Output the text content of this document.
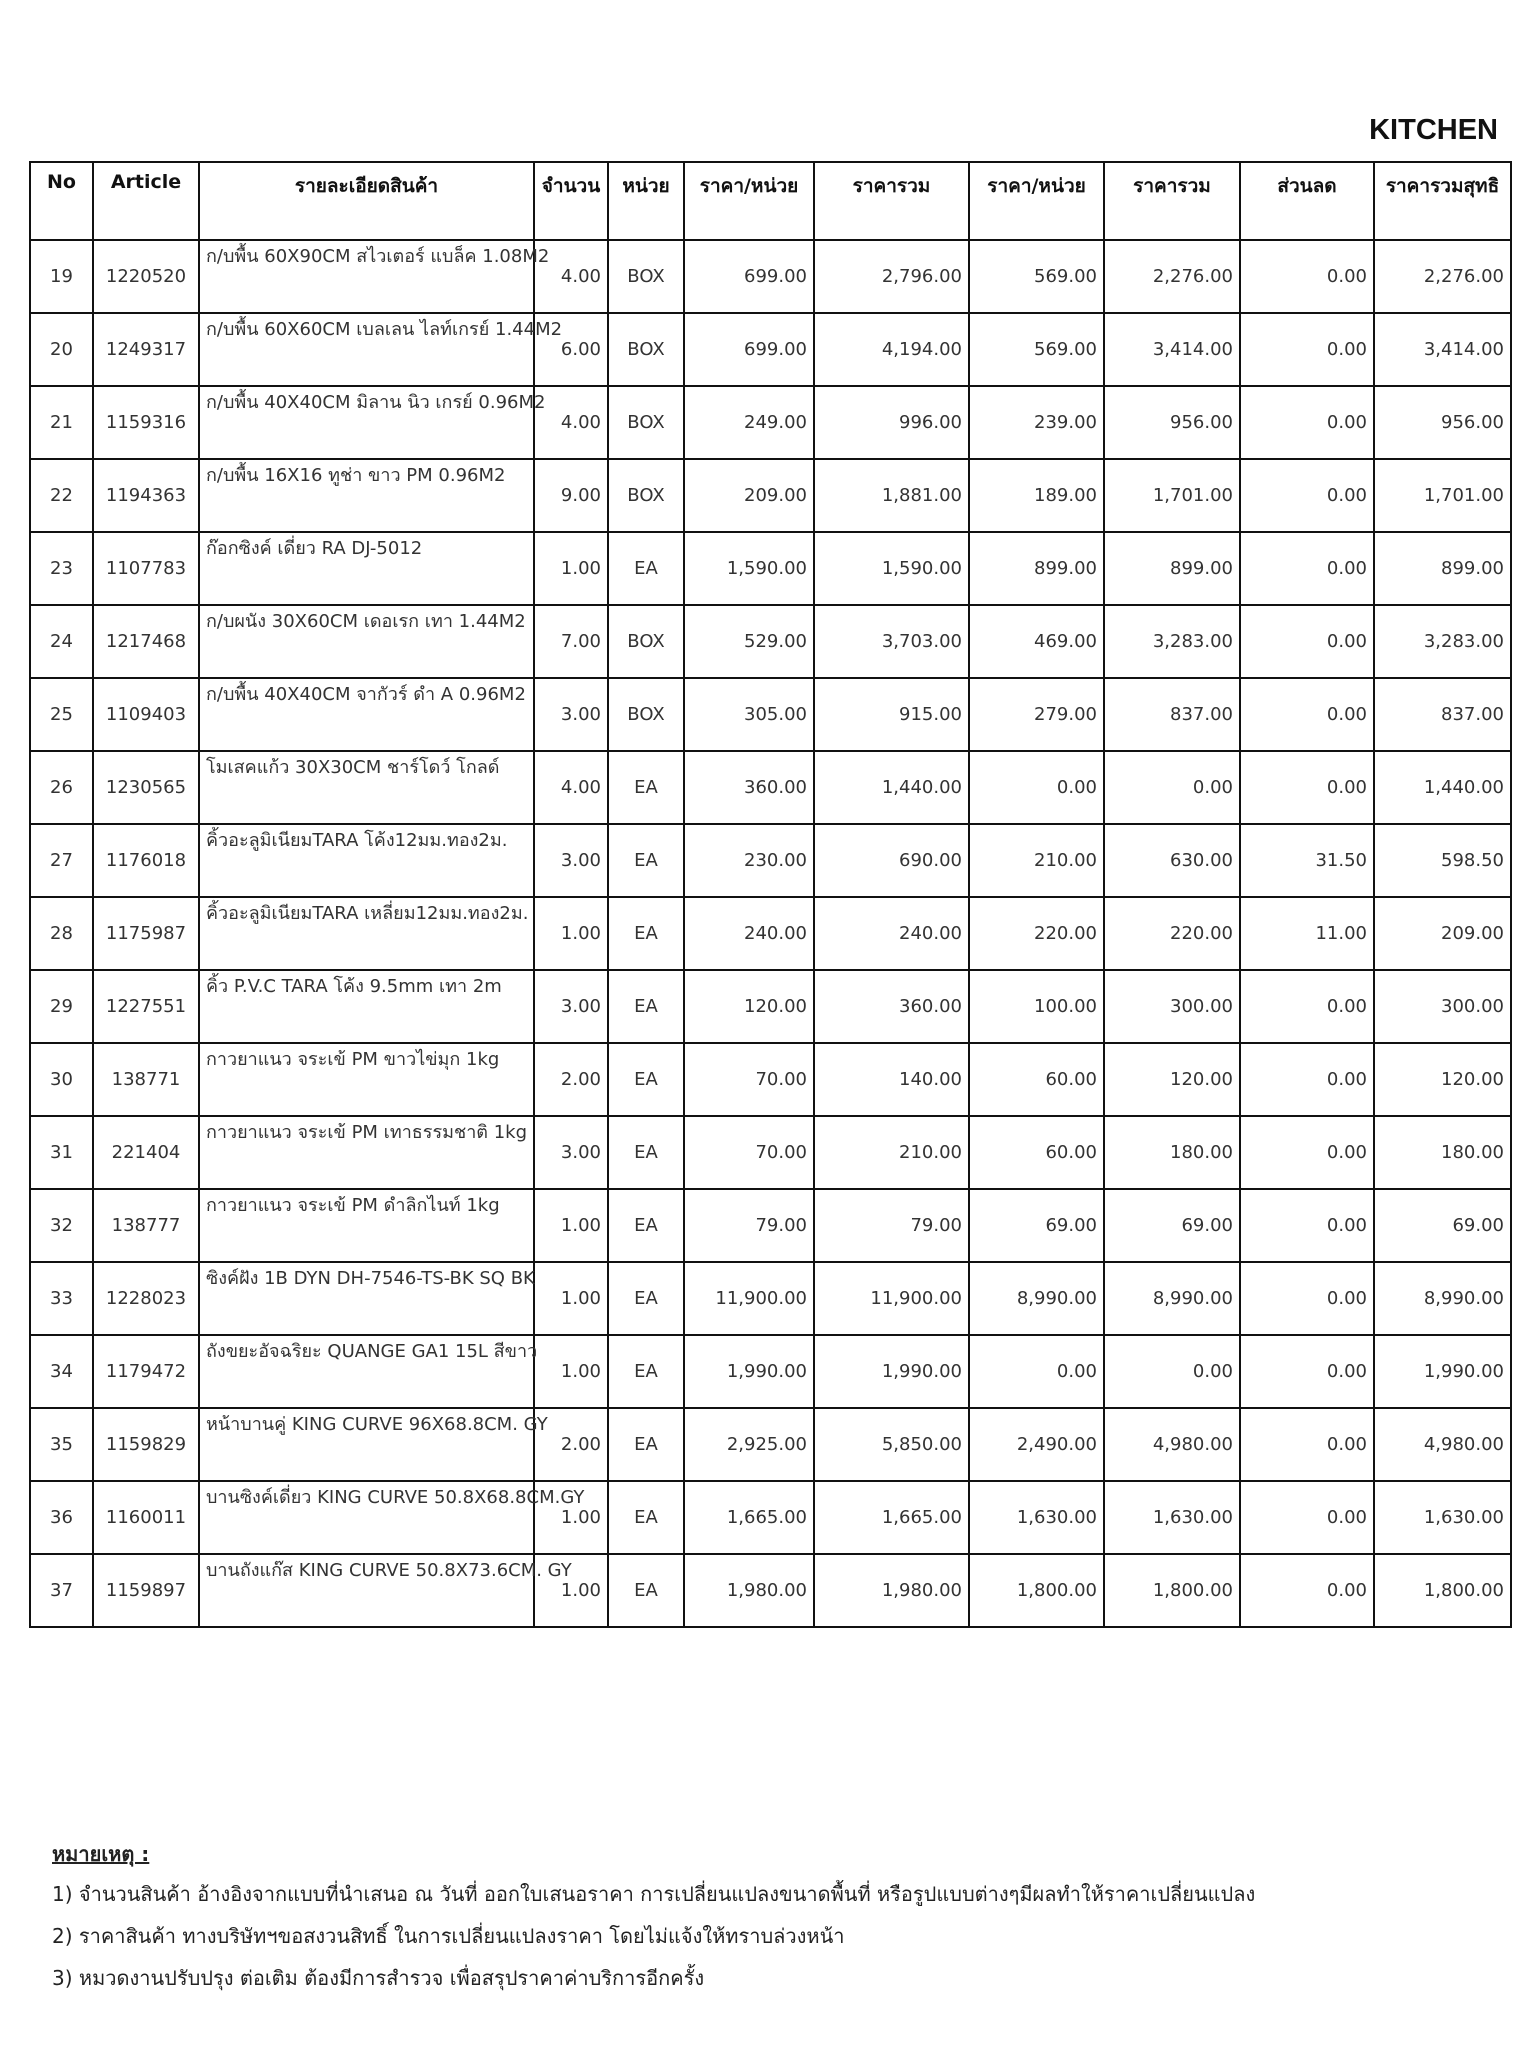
KITCHEN
No	Article	รายละเอียดสินค้า	จำนวน	หน่วย	ราคา/หน่วย	ราคารวม	ราคา/หน่วย	ราคารวม	ส่วนลด	ราคารวมสุทธิ
19	1220520	ก/บพื้น 60X90CM สไวเตอร์ แบล็ค 1.08M2	4.00	BOX	699.00	2,796.00	569.00	2,276.00	0.00	2,276.00
20	1249317	ก/บพื้น 60X60CM เบลเลน ไลท์เกรย์ 1.44M2	6.00	BOX	699.00	4,194.00	569.00	3,414.00	0.00	3,414.00
21	1159316	ก/บพื้น 40X40CM มิลาน นิว เกรย์ 0.96M2	4.00	BOX	249.00	996.00	239.00	956.00	0.00	956.00
22	1194363	ก/บพื้น 16X16 ทูช่า ขาว PM 0.96M2	9.00	BOX	209.00	1,881.00	189.00	1,701.00	0.00	1,701.00
23	1107783	ก๊อกซิงค์ เดี่ยว RA DJ-5012	1.00	EA	1,590.00	1,590.00	899.00	899.00	0.00	899.00
24	1217468	ก/บผนัง 30X60CM เดอเรก เทา 1.44M2	7.00	BOX	529.00	3,703.00	469.00	3,283.00	0.00	3,283.00
25	1109403	ก/บพื้น 40X40CM จากัวร์ ดำ A 0.96M2	3.00	BOX	305.00	915.00	279.00	837.00	0.00	837.00
26	1230565	โมเสคแก้ว 30X30CM ชาร์โดว์ โกลด์	4.00	EA	360.00	1,440.00	0.00	0.00	0.00	1,440.00
27	1176018	คิ้วอะลูมิเนียมTARA โค้ง12มม.ทอง2ม.	3.00	EA	230.00	690.00	210.00	630.00	31.50	598.50
28	1175987	คิ้วอะลูมิเนียมTARA เหลี่ยม12มม.ทอง2ม.	1.00	EA	240.00	240.00	220.00	220.00	11.00	209.00
29	1227551	คิ้ว P.V.C TARA โค้ง 9.5mm เทา 2m	3.00	EA	120.00	360.00	100.00	300.00	0.00	300.00
30	138771	กาวยาแนว จระเข้ PM ขาวไข่มุก 1kg	2.00	EA	70.00	140.00	60.00	120.00	0.00	120.00
31	221404	กาวยาแนว จระเข้ PM เทาธรรมชาติ 1kg	3.00	EA	70.00	210.00	60.00	180.00	0.00	180.00
32	138777	กาวยาแนว จระเข้ PM ดำลิกไนท์ 1kg	1.00	EA	79.00	79.00	69.00	69.00	0.00	69.00
33	1228023	ซิงค์ฝัง 1B DYN DH-7546-TS-BK SQ BK	1.00	EA	11,900.00	11,900.00	8,990.00	8,990.00	0.00	8,990.00
34	1179472	ถังขยะอัจฉริยะ QUANGE GA1 15L สีขาว	1.00	EA	1,990.00	1,990.00	0.00	0.00	0.00	1,990.00
35	1159829	หน้าบานคู่ KING CURVE 96X68.8CM. GY	2.00	EA	2,925.00	5,850.00	2,490.00	4,980.00	0.00	4,980.00
36	1160011	บานซิงค์เดี่ยว KING CURVE 50.8X68.8CM.GY	1.00	EA	1,665.00	1,665.00	1,630.00	1,630.00	0.00	1,630.00
37	1159897	บานถังแก๊ส KING CURVE 50.8X73.6CM. GY	1.00	EA	1,980.00	1,980.00	1,800.00	1,800.00	0.00	1,800.00
หมายเหตุ :
1) จำนวนสินค้า อ้างอิงจากแบบที่นำเสนอ ณ วันที่ ออกใบเสนอราคา การเปลี่ยนแปลงขนาดพื้นที่ หรือรูปแบบต่างๆมีผลทำให้ราคาเปลี่ยนแปลง
2) ราคาสินค้า ทางบริษัทฯขอสงวนสิทธิ์ ในการเปลี่ยนแปลงราคา โดยไม่แจ้งให้ทราบล่วงหน้า
3) หมวดงานปรับปรุง ต่อเติม ต้องมีการสำรวจ เพื่อสรุปราคาค่าบริการอีกครั้ง
